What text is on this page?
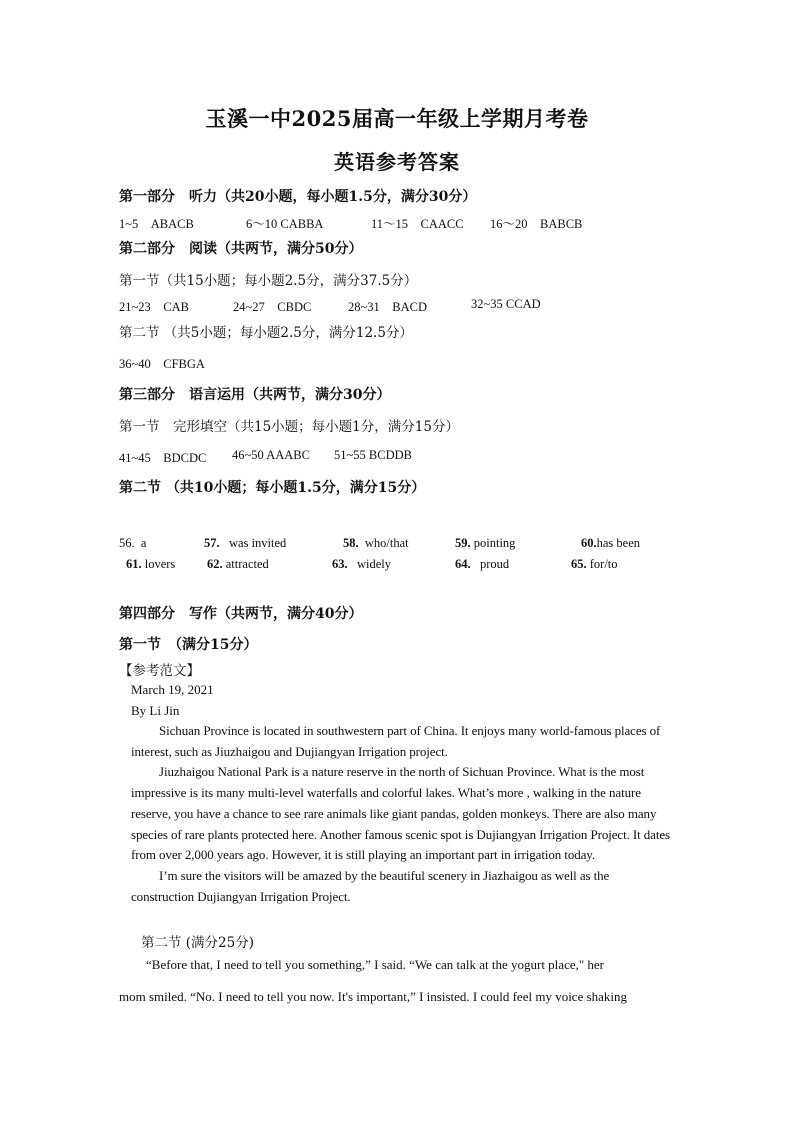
玉溪一中2025届高一年级上学期月考卷
英语参考答案
第一部分　听力（共20小题，每小题1.5分，满分30分）
1~5　ABACB	6～10 CABBA	11～15　CAACC 16～20　BABCB
第二部分　阅读（共两节，满分50分）
第一节（共15小题；每小题2.5分，满分37.5分）
21~23　CAB	24~27　CBDC	28~31　BACD	32~35 CCAD
第二节 （共5小题；每小题2.5分，满分12.5分）
36~40　CFBGA
第三部分　语言运用（共两节，满分30分）
第一节　完形填空（共15小题；每小题1分，满分15分）
41~45　BDCDC 46~50 AAABC 51~55 BCDDB
第二节 （共10小题；每小题1.5分，满分15分）
56. a	57. was invited	58. who/that	59. pointing	60.has been
61. lovers	62. attracted	63. widely	64. proud	65. for/to
第四部分　写作（共两节，满分40分）
第一节　（满分15分）
【参考范文】
March 19, 2021
By Li Jin

Sichuan Province is located in southwestern part of China. It enjoys many world-famous places of interest, such as Jiuzhaigou and Dujiangyan Irrigation project.

Jiuzhaigou National Park is a nature reserve in the north of Sichuan Province. What is the most impressive is its many multi-level waterfalls and colorful lakes. What’s more , walking in the nature reserve, you have a chance to see rare animals like giant pandas, golden monkeys. There are also many species of rare plants protected here. Another famous scenic spot is Dujiangyan Irrigation Project. It dates from over 2,000 years ago. However, it is still playing an important part in irrigation today.

I’m sure the visitors will be amazed by the beautiful scenery in Jiazhaigou as well as the construction Dujiangyan Irrigation Project.

第二节 (满分25分)
“Before that, I need to tell you something,” I said. “We can talk at the yogurt place," her
mom smiled. “No. I need to tell you now. It's important,” I insisted. I could feel my voice shaking
